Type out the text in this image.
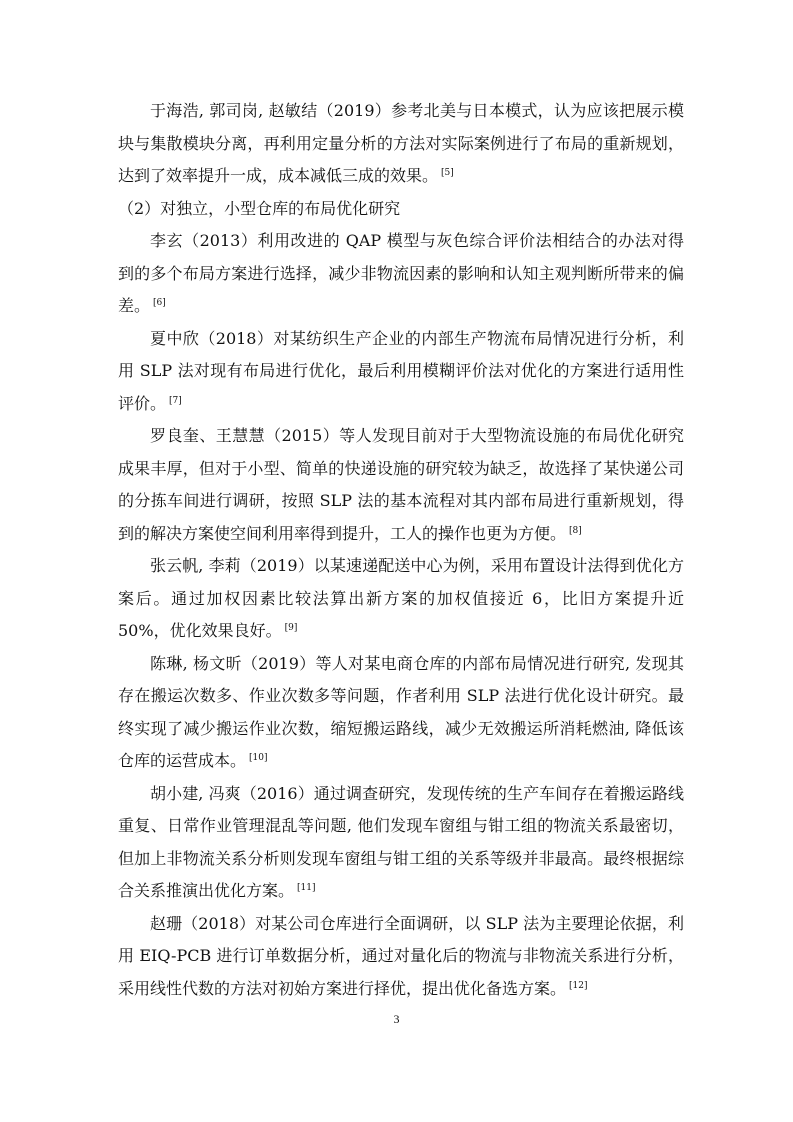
于海浩, 郭司岗, 赵敏结（2019）参考北美与日本模式，认为应该把展示模块与集散模块分离，再利用定量分析的方法对实际案例进行了布局的重新规划，达到了效率提升一成，成本减低三成的效果。 [5]

（2）对独立，小型仓库的布局优化研究

李玄（2013）利用改进的 QAP 模型与灰色综合评价法相结合的办法对得到的多个布局方案进行选择，减少非物流因素的影响和认知主观判断所带来的偏差。 [6]

夏中欣（2018）对某纺织生产企业的内部生产物流布局情况进行分析，利用 SLP 法对现有布局进行优化，最后利用模糊评价法对优化的方案进行适用性评价。 [7]

罗良奎、王慧慧（2015）等人发现目前对于大型物流设施的布局优化研究成果丰厚，但对于小型、简单的快递设施的研究较为缺乏，故选择了某快递公司的分拣车间进行调研，按照 SLP 法的基本流程对其内部布局进行重新规划，得到的解决方案使空间利用率得到提升，工人的操作也更为方便。 [8]

张云帆, 李莉（2019）以某速递配送中心为例，采用布置设计法得到优化方案后。通过加权因素比较法算出新方案的加权值接近 6，比旧方案提升近 50%，优化效果良好。 [9]

陈琳, 杨文昕（2019）等人对某电商仓库的内部布局情况进行研究, 发现其存在搬运次数多、作业次数多等问题，作者利用 SLP 法进行优化设计研究。最终实现了减少搬运作业次数，缩短搬运路线，减少无效搬运所消耗燃油, 降低该仓库的运营成本。 [10]

胡小建, 冯爽（2016）通过调查研究，发现传统的生产车间存在着搬运路线重复、日常作业管理混乱等问题, 他们发现车窗组与钳工组的物流关系最密切，但加上非物流关系分析则发现车窗组与钳工组的关系等级并非最高。最终根据综合关系推演出优化方案。 [11]

赵珊（2018）对某公司仓库进行全面调研，以 SLP 法为主要理论依据，利用 EIQ-PCB 进行订单数据分析，通过对量化后的物流与非物流关系进行分析，采用线性代数的方法对初始方案进行择优，提出优化备选方案。 [12]

3
